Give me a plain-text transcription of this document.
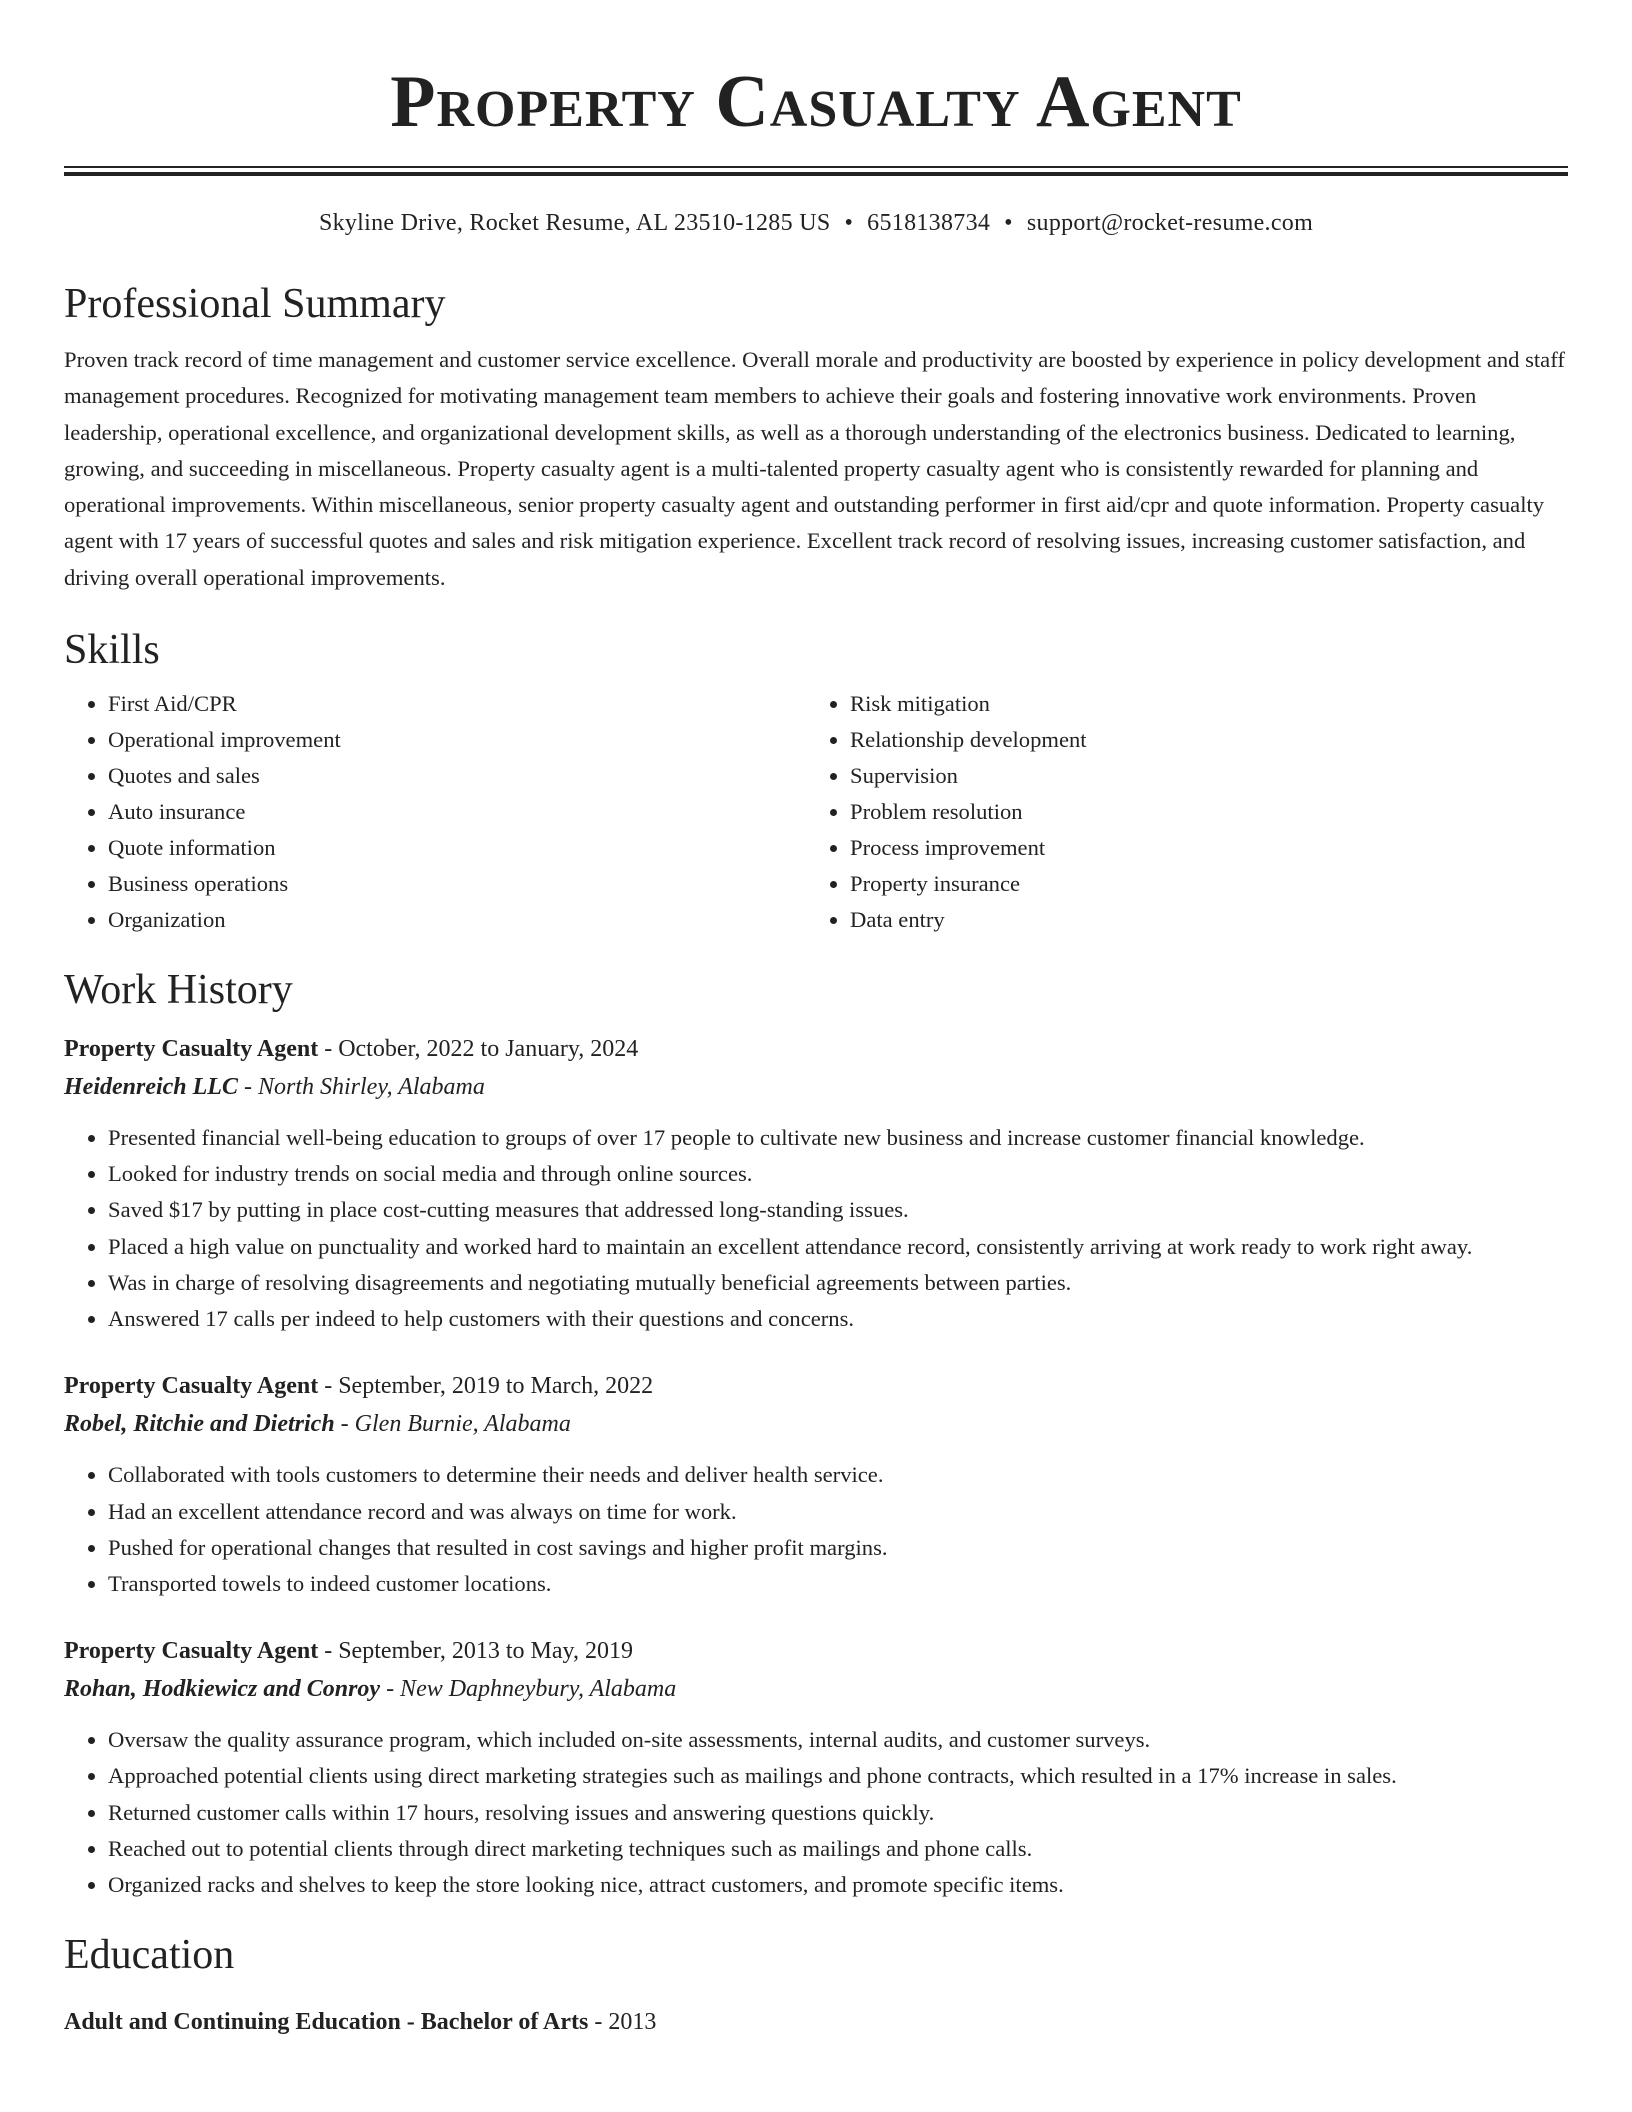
Property Casualty Agent
Skyline Drive, Rocket Resume, AL 23510-1285 US • 6518138734 • support@rocket-resume.com
Professional Summary

Proven track record of time management and customer service excellence. Overall morale and productivity are boosted by experience in policy development and staff management procedures. Recognized for motivating management team members to achieve their goals and fostering innovative work environments. Proven leadership, operational excellence, and organizational development skills, as well as a thorough understanding of the electronics business. Dedicated to learning, growing, and succeeding in miscellaneous. Property casualty agent is a multi-talented property casualty agent who is consistently rewarded for planning and operational improvements. Within miscellaneous, senior property casualty agent and outstanding performer in first aid/cpr and quote information. Property casualty agent with 17 years of successful quotes and sales and risk mitigation experience. Excellent track record of resolving issues, increasing customer satisfaction, and driving overall operational improvements.

Skills
• First Aid/CPR
• Operational improvement
• Quotes and sales
• Auto insurance
• Quote information
• Business operations
• Organization
• Risk mitigation
• Relationship development
• Supervision
• Problem resolution
• Process improvement
• Property insurance
• Data entry
Work History
Property Casualty Agent - October, 2022 to January, 2024
Heidenreich LLC - North Shirley, Alabama
• Presented financial well-being education to groups of over 17 people to cultivate new business and increase customer financial knowledge.
• Looked for industry trends on social media and through online sources.
• Saved $17 by putting in place cost-cutting measures that addressed long-standing issues.
• Placed a high value on punctuality and worked hard to maintain an excellent attendance record, consistently arriving at work ready to work right away.
• Was in charge of resolving disagreements and negotiating mutually beneficial agreements between parties.
• Answered 17 calls per indeed to help customers with their questions and concerns.
Property Casualty Agent - September, 2019 to March, 2022
Robel, Ritchie and Dietrich - Glen Burnie, Alabama
• Collaborated with tools customers to determine their needs and deliver health service.
• Had an excellent attendance record and was always on time for work.
• Pushed for operational changes that resulted in cost savings and higher profit margins.
• Transported towels to indeed customer locations.
Property Casualty Agent - September, 2013 to May, 2019
Rohan, Hodkiewicz and Conroy - New Daphneybury, Alabama
• Oversaw the quality assurance program, which included on-site assessments, internal audits, and customer surveys.
• Approached potential clients using direct marketing strategies such as mailings and phone contracts, which resulted in a 17% increase in sales.
• Returned customer calls within 17 hours, resolving issues and answering questions quickly.
• Reached out to potential clients through direct marketing techniques such as mailings and phone calls.
• Organized racks and shelves to keep the store looking nice, attract customers, and promote specific items.
Education
Adult and Continuing Education - Bachelor of Arts - 2013
